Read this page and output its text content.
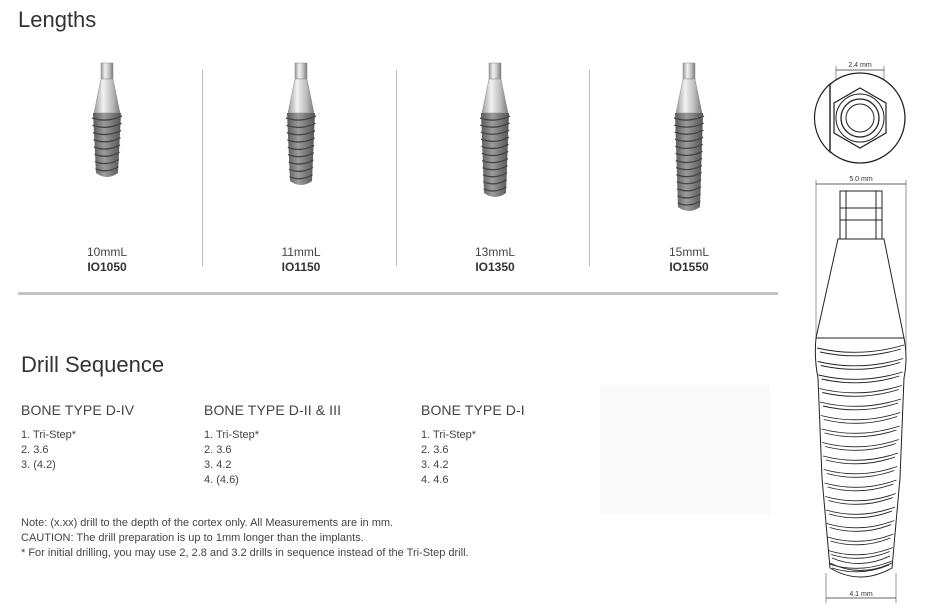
Lengths
10mmL
IO1050
11mmL
IO1150
13mmL
IO1350
15mmL
IO1550
Drill Sequence
BONE TYPE D-IV
1. Tri-Step*
2. 3.6
3. (4.2)
BONE TYPE D-II & III
1. Tri-Step*
2. 3.6
3. 4.2
4. (4.6)
BONE TYPE D-I
1. Tri-Step*
2. 3.6
3. 4.2
4. 4.6
Note: (x.xx) drill to the depth of the cortex only. All Measurements are in mm.
CAUTION: The drill preparation is up to 1mm longer than the implants.
* For initial drilling, you may use 2, 2.8 and 3.2 drills in sequence instead of the Tri-Step drill.
2.4 mm
5.0 mm
4.1 mm
